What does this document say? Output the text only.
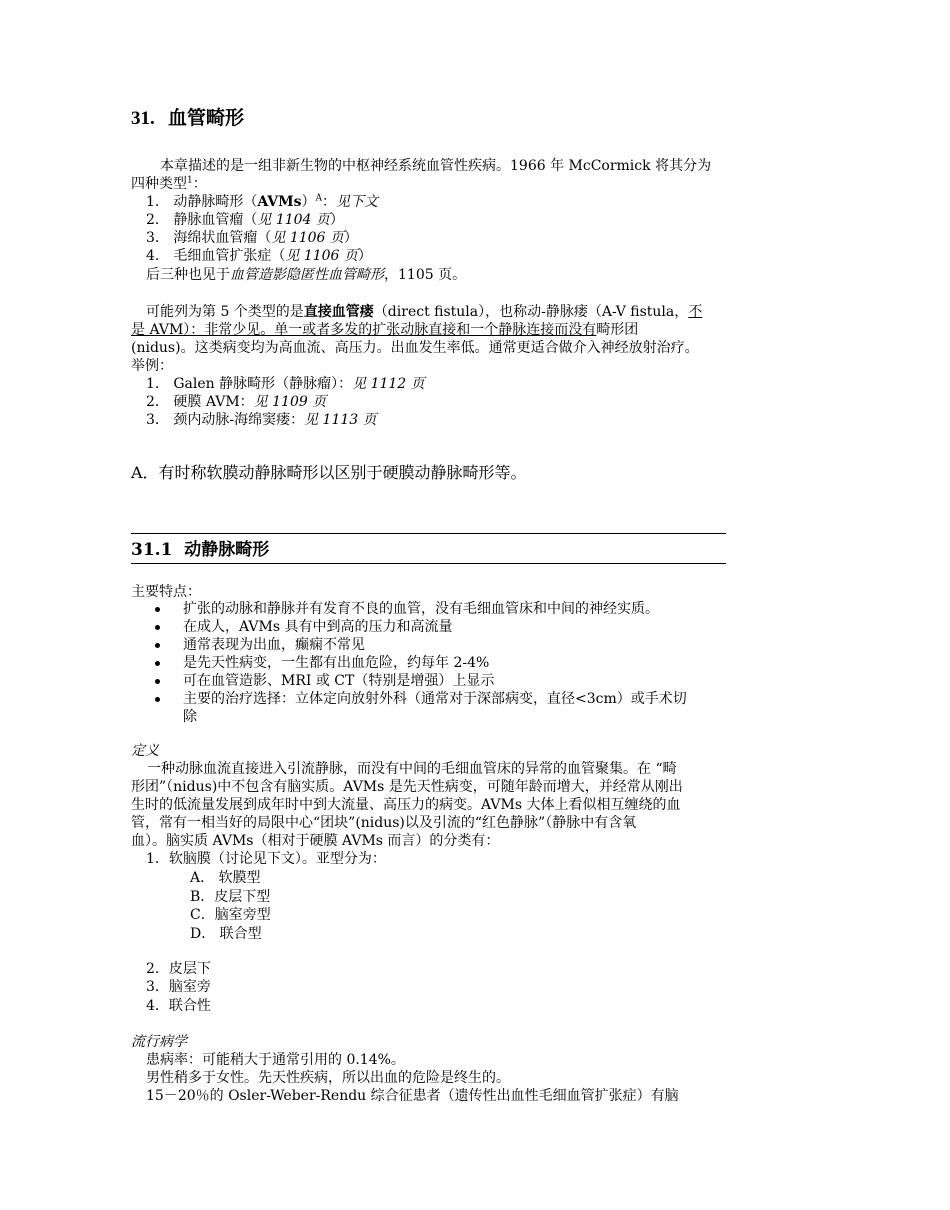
31. 血管畸形
本章描述的是一组非新生物的中枢神经系统血管性疾病。1966 年 McCormick 将其分为
四种类型$^1$：
1． 动静脉畸形（AVMs）$^A$：见下文
2． 静脉血管瘤（见 1104 页）
3． 海绵状血管瘤（见 1106 页）
4． 毛细血管扩张症（见 1106 页）
后三种也见于血管造影隐匿性血管畸形，1105 页。
可能列为第 5 个类型的是直接血管瘘（direct fistula），也称动-静脉瘘（A-V fistula，不
是 AVM）：非常少见。单一或者多发的扩张动脉直接和一个静脉连接而没有畸形团
(nidus)。这类病变均为高血流、高压力。出血发生率低。通常更适合做介入神经放射治疗。
举例：
1． Galen 静脉畸形（静脉瘤）：见 1112 页
2． 硬膜 AVM：见 1109 页
3． 颈内动脉-海绵窦瘘：见 1113 页
A．有时称软膜动静脉畸形以区别于硬膜动静脉畸形等。
31.1 动静脉畸形
主要特点：
扩张的动脉和静脉并有发育不良的血管，没有毛细血管床和中间的神经实质。
在成人，AVMs 具有中到高的压力和高流量
通常表现为出血，癫痫不常见
是先天性病变，一生都有出血危险，约每年 2-4%
可在血管造影、MRI 或 CT（特别是增强）上显示
主要的治疗选择：立体定向放射外科（通常对于深部病变，直径<3cm）或手术切
除
定义
一种动脉血流直接进入引流静脉，而没有中间的毛细血管床的异常的血管聚集。在 “畸
形团”（nidus)中不包含有脑实质。AVMs 是先天性病变，可随年龄而增大，并经常从刚出
生时的低流量发展到成年时中到大流量、高压力的病变。AVMs 大体上看似相互缠绕的血
管，常有一相当好的局限中心“团块”(nidus)以及引流的“红色静脉”（静脉中有含氧
血）。脑实质 AVMs（相对于硬膜 AVMs 而言）的分类有：
1．软脑膜（讨论见下文）。亚型分为：
A． 软膜型
B．皮层下型
C．脑室旁型
D． 联合型
2．皮层下
3．脑室旁
4．联合性
流行病学
患病率：可能稍大于通常引用的 0.14%。
男性稍多于女性。先天性疾病，所以出血的危险是终生的。
15－20％的 Osler-Weber-Rendu 综合征患者（遗传性出血性毛细血管扩张症）有脑
